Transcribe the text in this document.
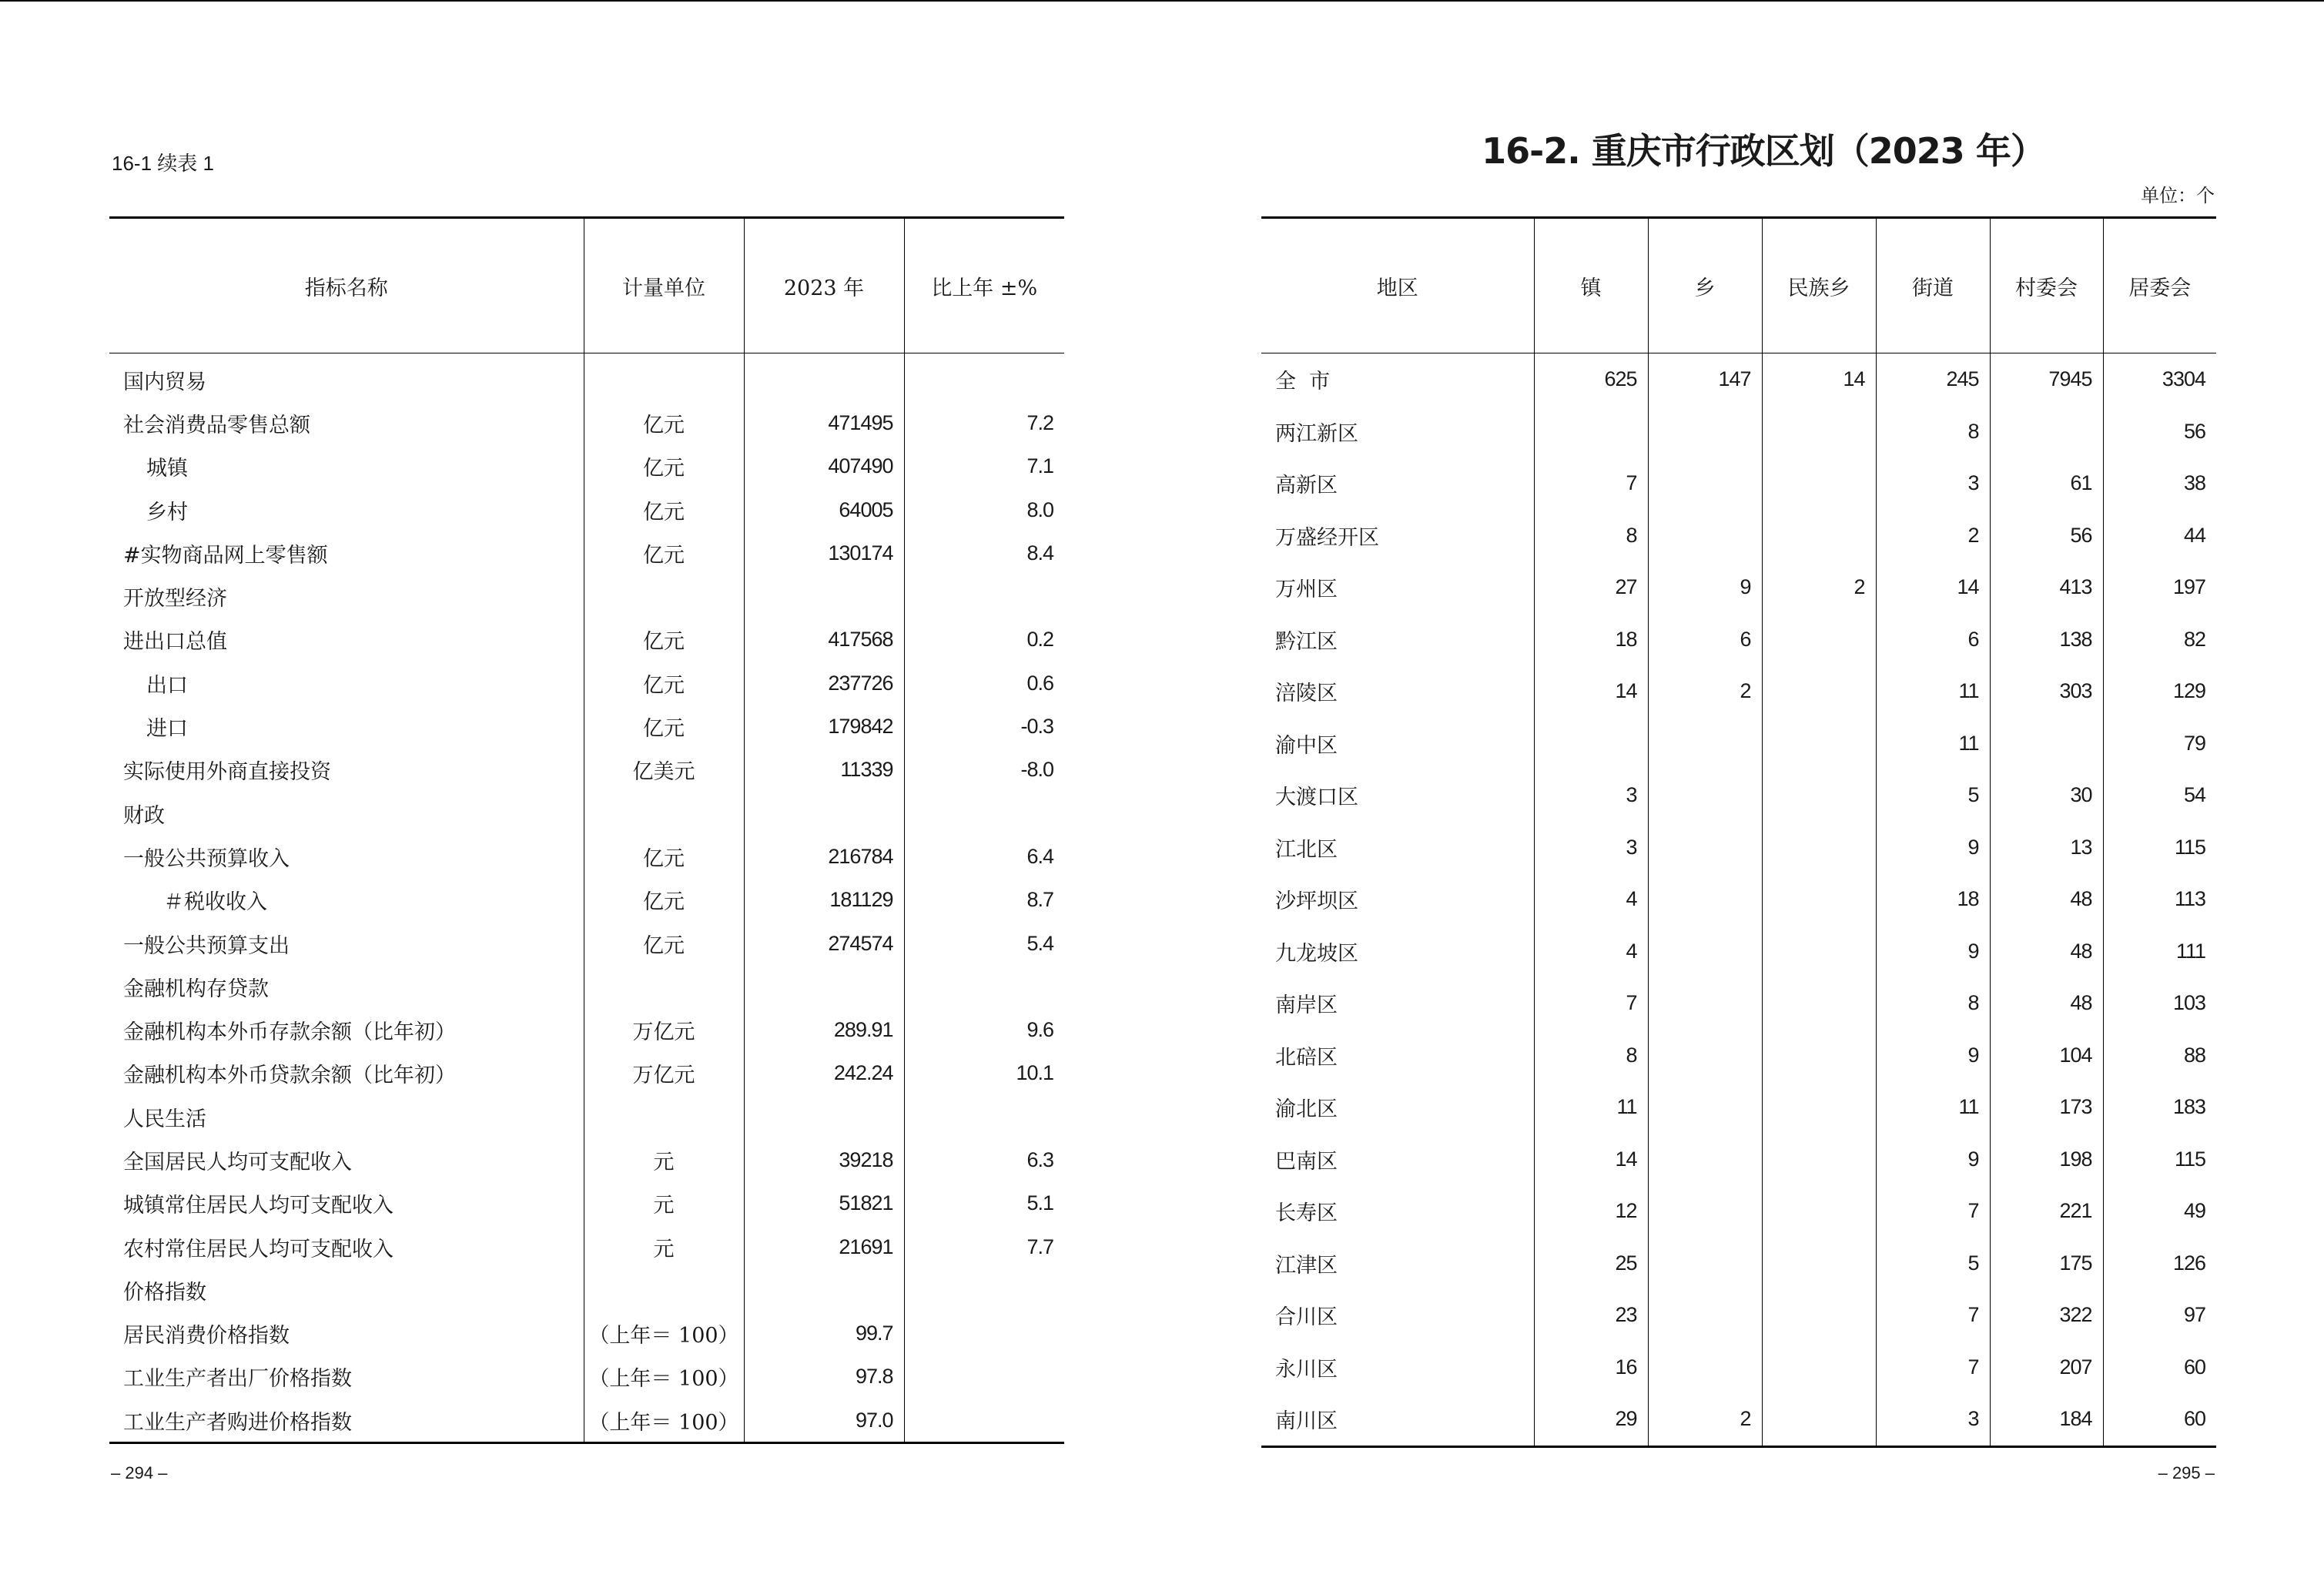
16-1 续表 1
指标名称	计量单位	2023 年	比上年 ±%
国内贸易			
社会消费品零售总额	亿元	471495	7.2
城镇	亿元	407490	7.1
乡村	亿元	64005	8.0
#实物商品网上零售额	亿元	130174	8.4
开放型经济			
进出口总值	亿元	417568	0.2
出口	亿元	237726	0.6
进口	亿元	179842	-0.3
实际使用外商直接投资	亿美元	11339	-8.0
财政			
一般公共预算收入	亿元	216784	6.4
＃税收收入	亿元	181129	8.7
一般公共预算支出	亿元	274574	5.4
金融机构存贷款			
金融机构本外币存款余额（比年初）	万亿元	289.91	9.6
金融机构本外币贷款余额（比年初）	万亿元	242.24	10.1
人民生活			
全国居民人均可支配收入	元	39218	6.3
城镇常住居民人均可支配收入	元	51821	5.1
农村常住居民人均可支配收入	元	21691	7.7
价格指数			
居民消费价格指数	（上年＝ 100）	99.7	
工业生产者出厂价格指数	（上年＝ 100）	97.8	
工业生产者购进价格指数	（上年＝ 100）	97.0	
– 294 –
16-2. 重庆市行政区划（2023 年）
单位：个
地区	镇	乡	民族乡	街道	村委会	居委会
全  市	625	147	14	245	7945	3304
两江新区				8		56
高新区	7			3	61	38
万盛经开区	8			2	56	44
万州区	27	9	2	14	413	197
黔江区	18	6		6	138	82
涪陵区	14	2		11	303	129
渝中区				11		79
大渡口区	3			5	30	54
江北区	3			9	13	115
沙坪坝区	4			18	48	113
九龙坡区	4			9	48	111
南岸区	7			8	48	103
北碚区	8			9	104	88
渝北区	11			11	173	183
巴南区	14			9	198	115
长寿区	12			7	221	49
江津区	25			5	175	126
合川区	23			7	322	97
永川区	16			7	207	60
南川区	29	2		3	184	60
– 295 –
